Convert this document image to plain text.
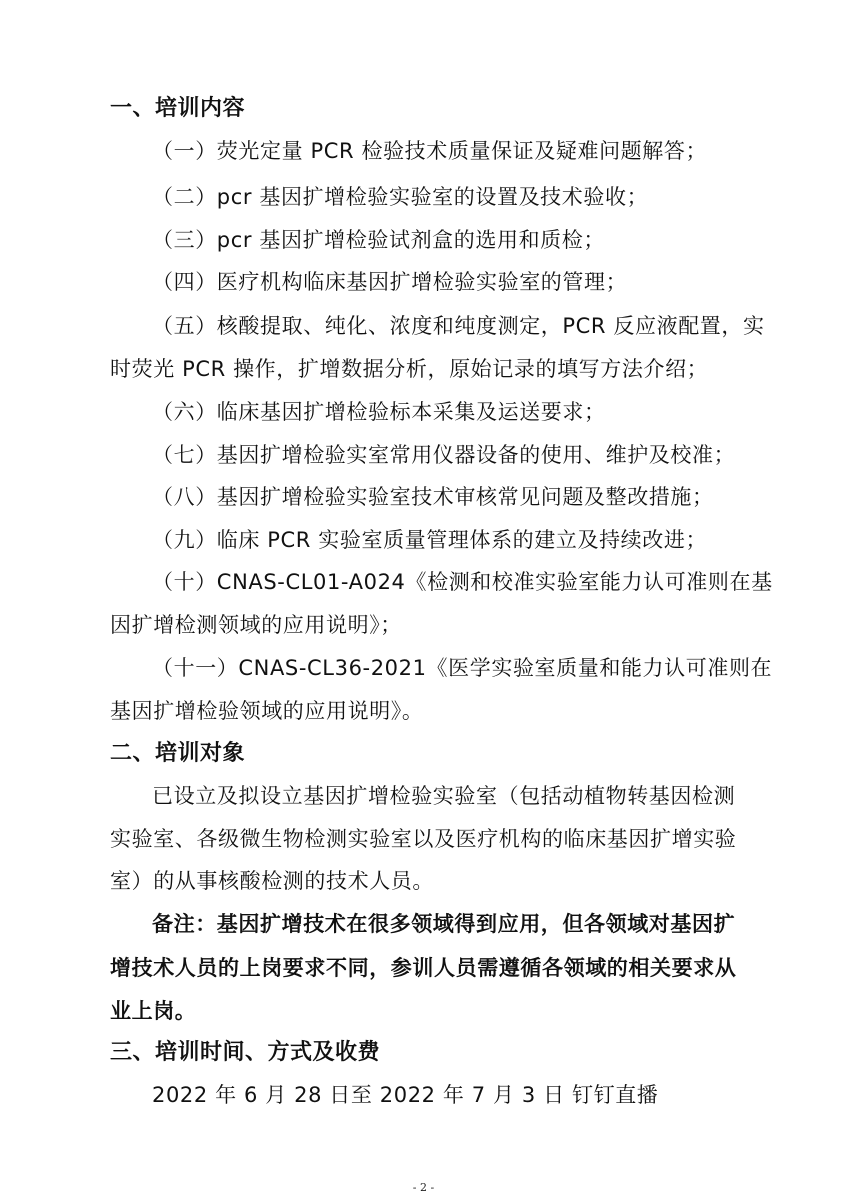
一、培训内容
（一）荧光定量 PCR 检验技术质量保证及疑难问题解答；
（二）pcr 基因扩增检验实验室的设置及技术验收；
（三）pcr 基因扩增检验试剂盒的选用和质检；
（四）医疗机构临床基因扩增检验实验室的管理；
（五）核酸提取、纯化、浓度和纯度测定，PCR 反应液配置，实
时荧光 PCR 操作，扩增数据分析，原始记录的填写方法介绍；
（六）临床基因扩增检验标本采集及运送要求；
（七）基因扩增检验实室常用仪器设备的使用、维护及校准；
（八）基因扩增检验实验室技术审核常见问题及整改措施；
（九）临床 PCR 实验室质量管理体系的建立及持续改进；
（十）CNAS-CL01-A024《检测和校准实验室能力认可准则在基
因扩增检测领域的应用说明》；
（十一）CNAS-CL36-2021《医学实验室质量和能力认可准则在
基因扩增检验领域的应用说明》。
二、培训对象
已设立及拟设立基因扩增检验实验室（包括动植物转基因检测
实验室、各级微生物检测实验室以及医疗机构的临床基因扩增实验
室）的从事核酸检测的技术人员。
备注：基因扩增技术在很多领域得到应用，但各领域对基因扩
增技术人员的上岗要求不同，参训人员需遵循各领域的相关要求从
业上岗。
三、培训时间、方式及收费
2022 年 6 月 28 日至 2022 年 7 月 3 日 钉钉直播
- 2 -
